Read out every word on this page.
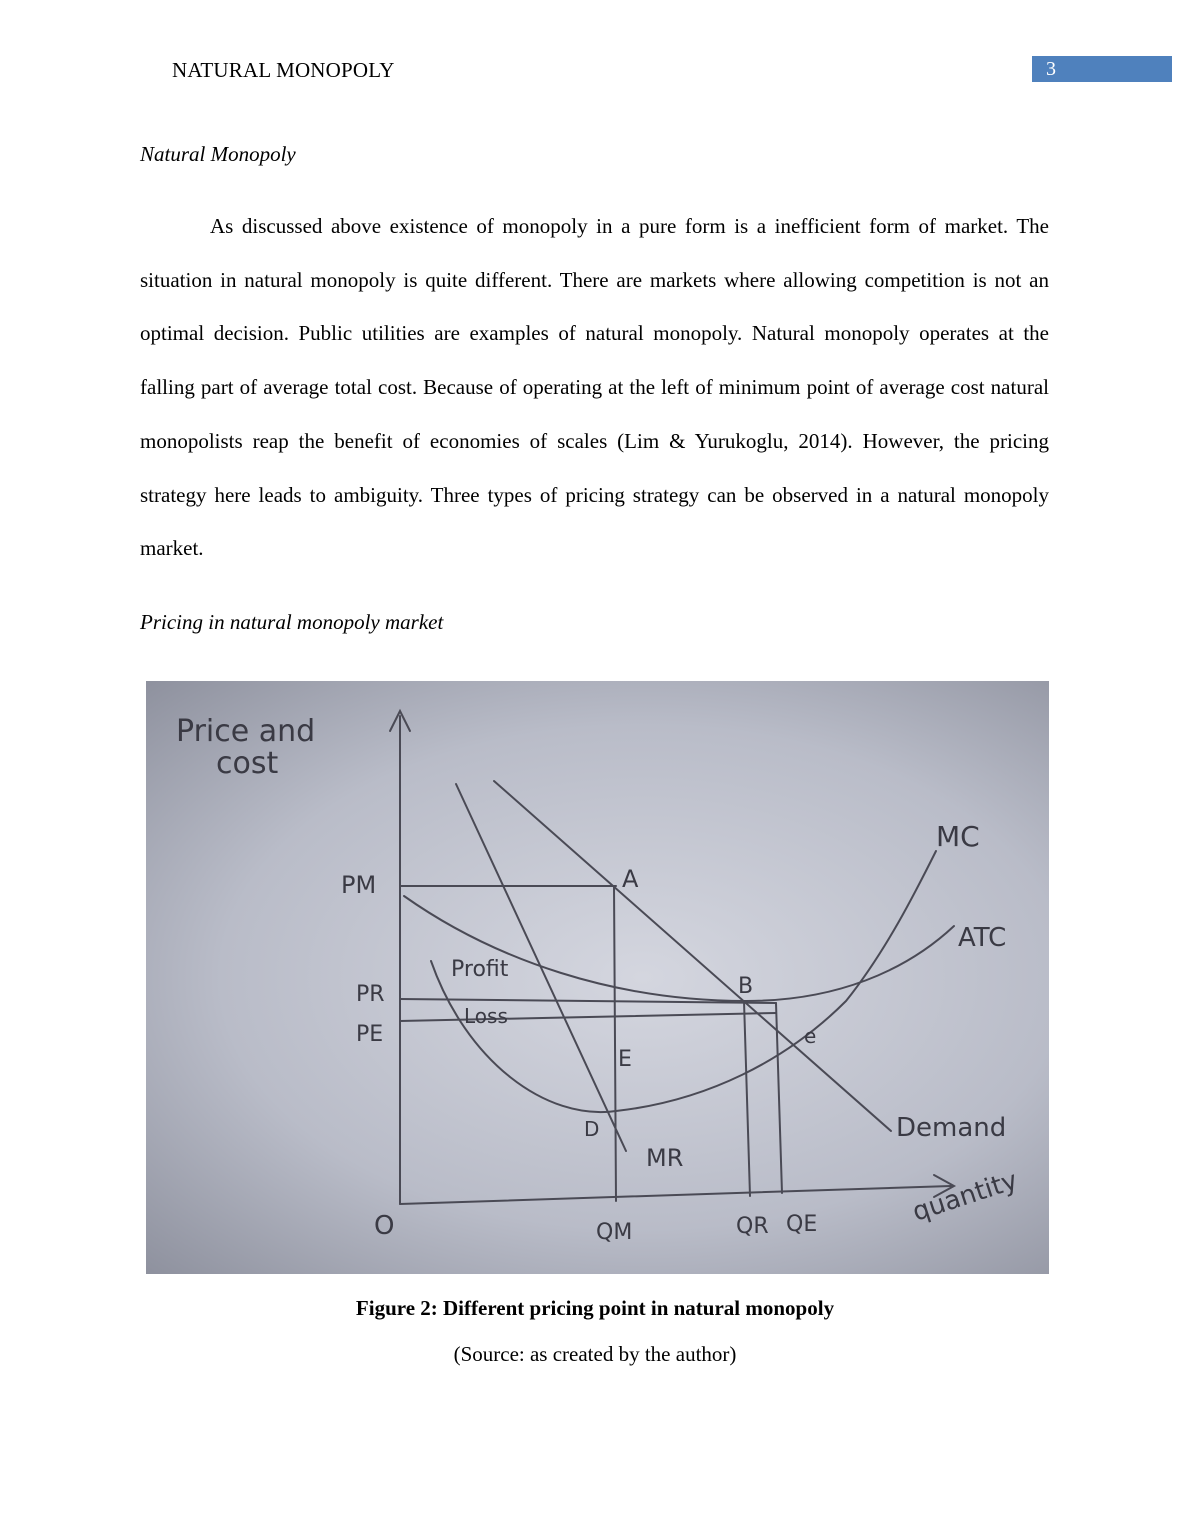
NATURAL MONOPOLY	3
Natural Monopoly

As discussed above existence of monopoly in a pure form is a inefficient form of market. The situation in natural monopoly is quite different. There are markets where allowing competition is not an optimal decision. Public utilities are examples of natural monopoly. Natural monopoly operates at the falling part of average total cost. Because of operating at the left of minimum point of average cost natural monopolists reap the benefit of economies of scales (Lim & Yurukoglu, 2014). However, the pricing strategy here leads to ambiguity. Three types of pricing strategy can be observed in a natural monopoly market.

Pricing in natural monopoly market
Price and
cost
O
PM
PR
PE
A
B
e
D
MC
ATC
MR
Demand
Profit
Loss
E
QM	QR QE	quantity
Figure 2: Different pricing point in natural monopoly
(Source: as created by the author)
